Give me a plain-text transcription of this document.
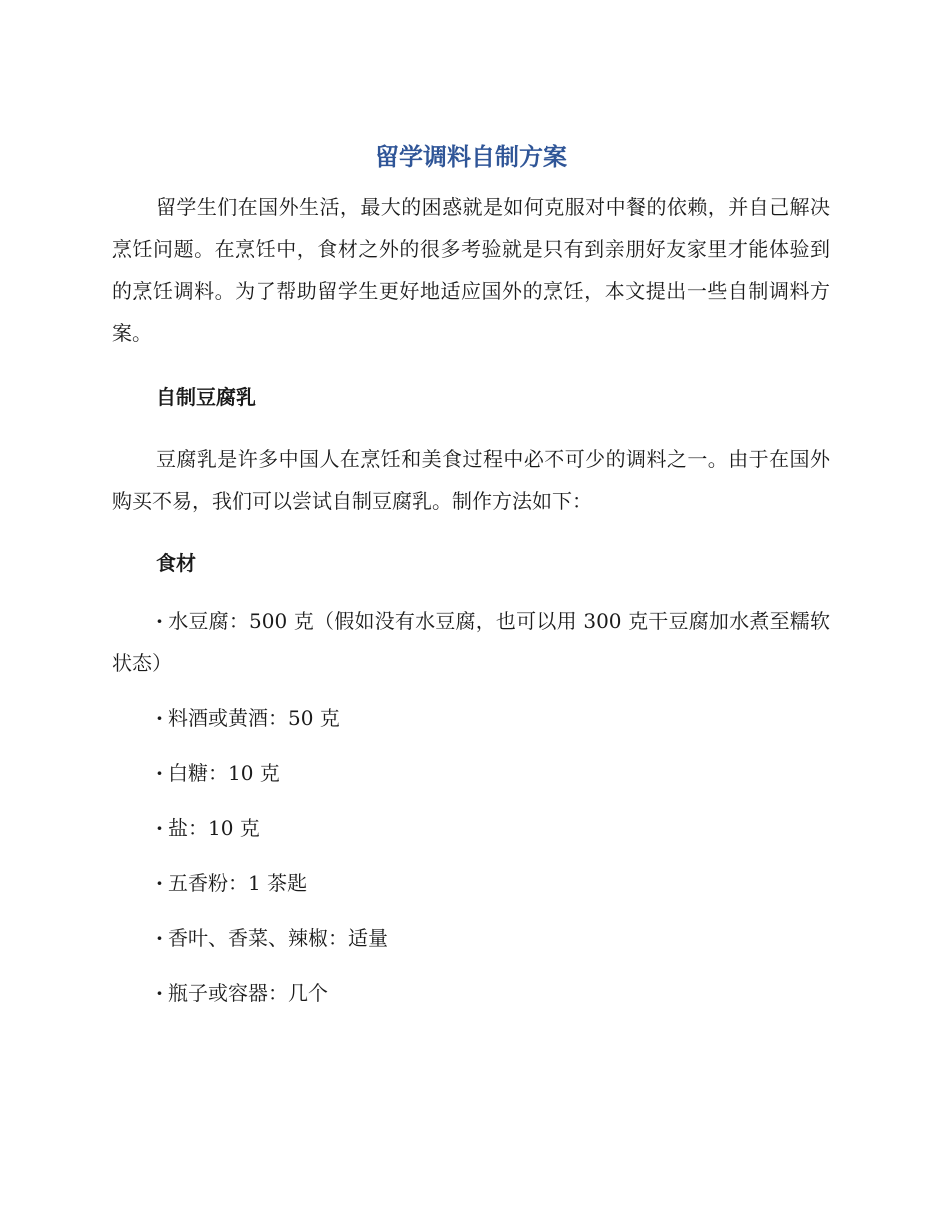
留学调料自制方案

留学生们在国外生活，最大的困惑就是如何克服对中餐的依赖，并自己解决烹饪问题。在烹饪中，食材之外的很多考验就是只有到亲朋好友家里才能体验到的烹饪调料。为了帮助留学生更好地适应国外的烹饪，本文提出一些自制调料方案。

自制豆腐乳

豆腐乳是许多中国人在烹饪和美食过程中必不可少的调料之一。由于在国外购买不易，我们可以尝试自制豆腐乳。制作方法如下：

食材
· 水豆腐：500 克（假如没有水豆腐，也可以用 300 克干豆腐加水煮至糯软状态）
· 料酒或黄酒：50 克
· 白糖：10 克
· 盐：10 克
· 五香粉：1 茶匙
· 香叶、香菜、辣椒：适量
· 瓶子或容器：几个
